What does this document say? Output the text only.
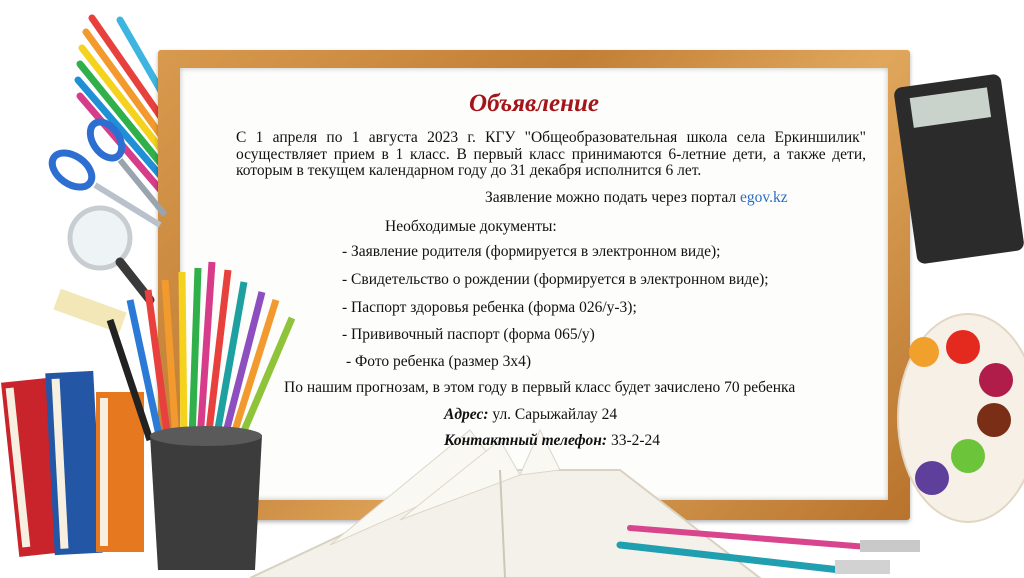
Объявление
С 1 апреля по 1 августа 2023 г. КГУ "Общеобразовательная школа села Еркиншилик" осуществляет прием в 1 класс. В первый класс принимаются 6-летние дети, а также дети, которым в текущем календарном году до 31 декабря исполнится 6 лет.
Заявление можно подать через портал egov.kz
Необходимые документы:
- Заявление родителя (формируется в электронном виде);
- Свидетельство о рождении (формируется в электронном виде);
- Паспорт здоровья ребенка (форма 026/у-3);
- Прививочный паспорт (форма 065/у)
- Фото ребенка (размер 3х4)
По нашим прогнозам, в этом году в первый класс будет зачислено 70 ребенка
Адрес: ул. Сарыжайлау 24
Контактный телефон: 33-2-24
